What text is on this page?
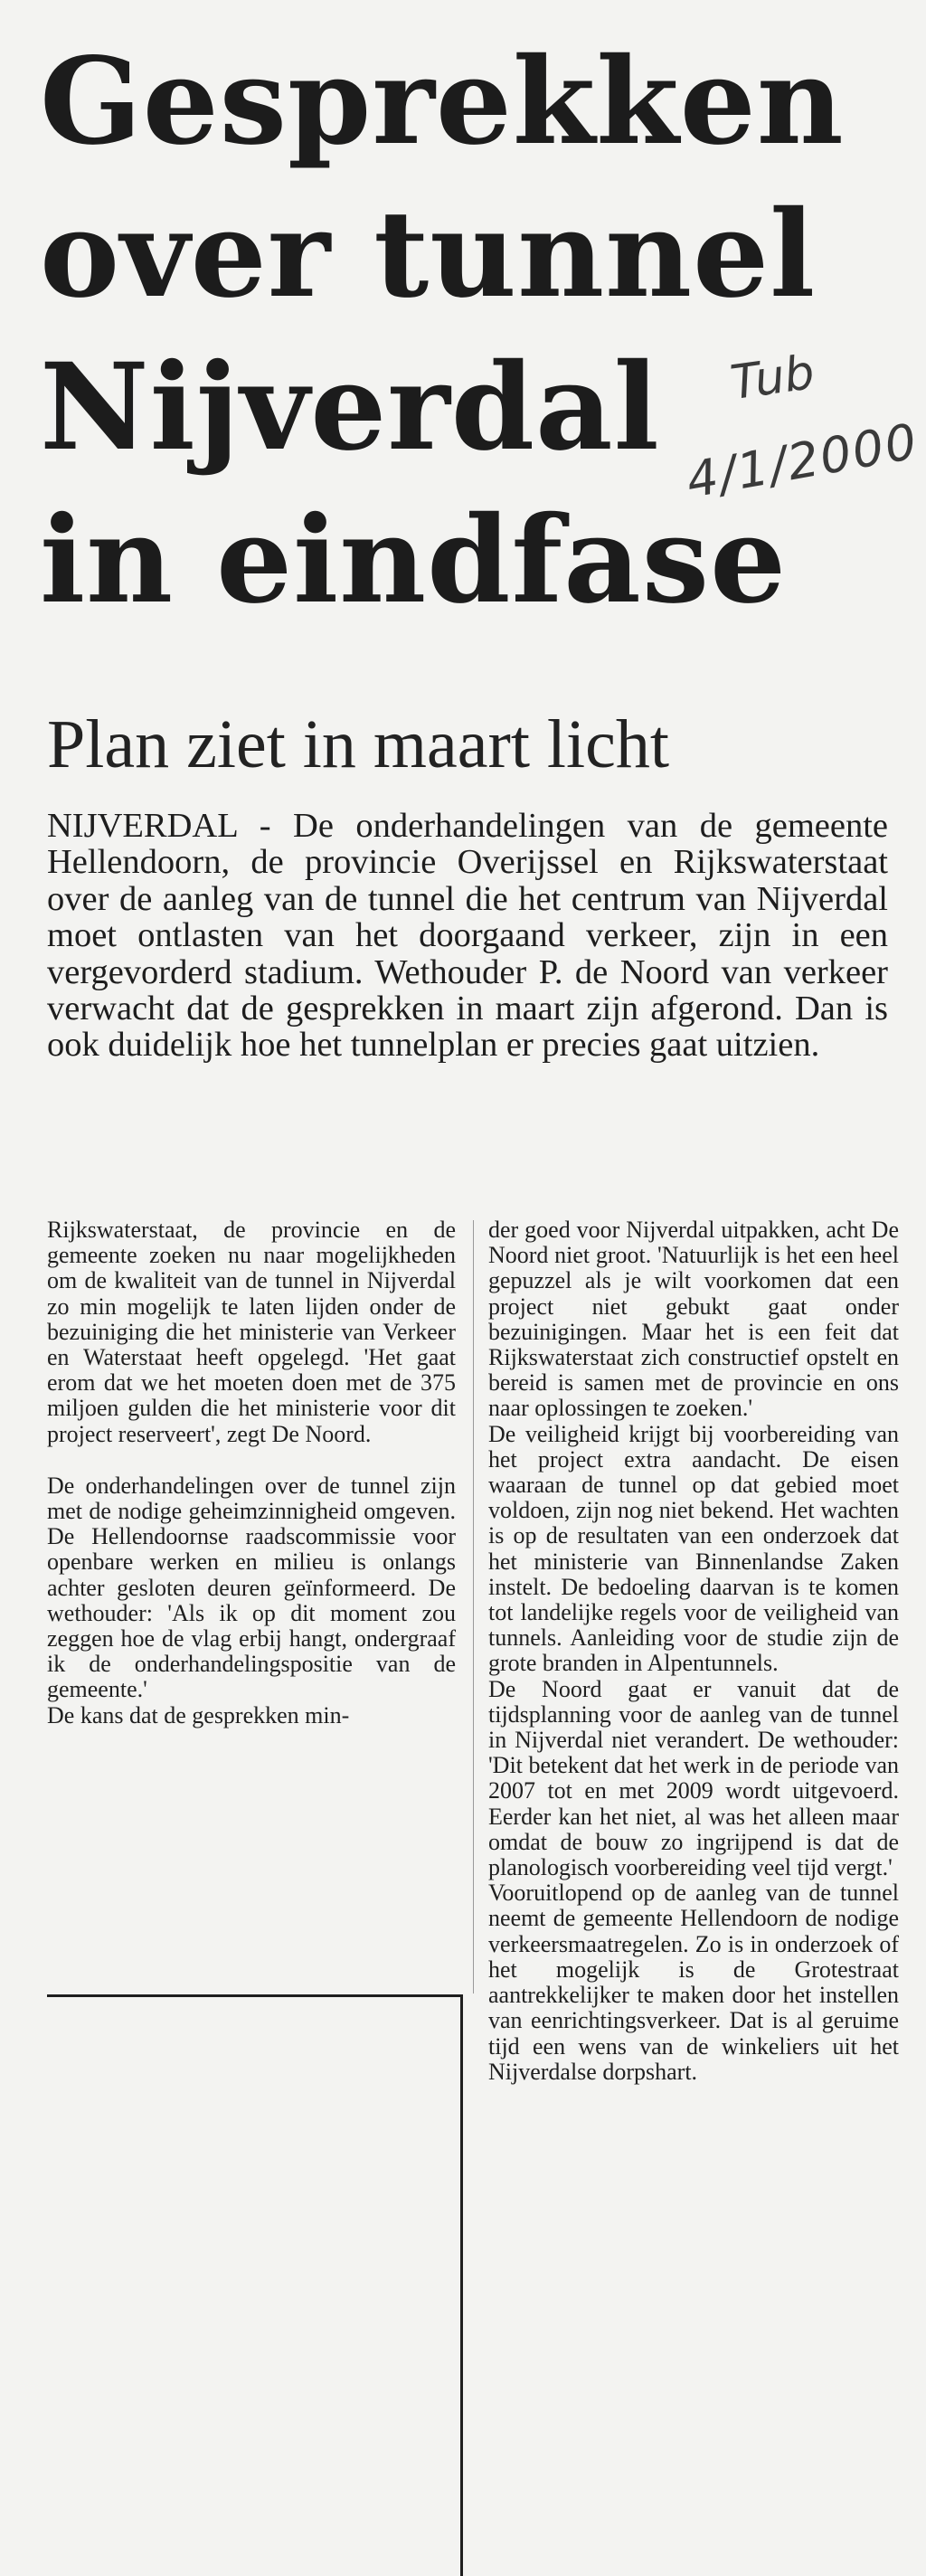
Gesprekken
over tunnel
Nijverdal
in eindfase
Tub
4/1/2000
Plan ziet in maart licht

NIJVERDAL - De onderhandelingen van de gemeente Hellendoorn, de provincie Overijssel en Rijkswaterstaat over de aanleg van de tunnel die het centrum van Nijverdal moet ontlasten van het doorgaand verkeer, zijn in een vergevorderd stadium. Wethouder P. de Noord van verkeer verwacht dat de gesprekken in maart zijn afgerond. Dan is ook duidelijk hoe het tunnelplan er precies gaat uitzien.

Rijkswaterstaat, de provincie en de gemeente zoeken nu naar mogelijkheden om de kwaliteit van de tunnel in Nijverdal zo min mogelijk te laten lijden onder de bezuiniging die het ministerie van Verkeer en Waterstaat heeft opgelegd. 'Het gaat erom dat we het moeten doen met de 375 miljoen gulden die het ministerie voor dit project reserveert', zegt De Noord.

De onderhandelingen over de tunnel zijn met de nodige geheimzinnigheid omgeven. De Hellendoornse raadscommissie voor openbare werken en milieu is onlangs achter gesloten deuren geïnformeerd. De wethouder: 'Als ik op dit moment zou zeggen hoe de vlag erbij hangt, ondergraaf ik de onderhandelingspositie van de gemeente.'

De kans dat de gesprekken min-

der goed voor Nijverdal uitpakken, acht De Noord niet groot. 'Natuurlijk is het een heel gepuzzel als je wilt voorkomen dat een project niet gebukt gaat onder bezuinigingen. Maar het is een feit dat Rijkswaterstaat zich constructief opstelt en bereid is samen met de provincie en ons naar oplossingen te zoeken.'

De veiligheid krijgt bij voorbereiding van het project extra aandacht. De eisen waaraan de tunnel op dat gebied moet voldoen, zijn nog niet bekend. Het wachten is op de resultaten van een onderzoek dat het ministerie van Binnenlandse Zaken instelt. De bedoeling daarvan is te komen tot landelijke regels voor de veiligheid van tunnels. Aanleiding voor de studie zijn de grote branden in Alpentunnels.

De Noord gaat er vanuit dat de tijdsplanning voor de aanleg van de tunnel in Nijverdal niet verandert. De wethouder: 'Dit betekent dat het werk in de periode van 2007 tot en met 2009 wordt uitgevoerd. Eerder kan het niet, al was het alleen maar omdat de bouw zo ingrijpend is dat de planologisch voorbereiding veel tijd vergt.'

Vooruitlopend op de aanleg van de tunnel neemt de gemeente Hellendoorn de nodige verkeersmaatregelen. Zo is in onderzoek of het mogelijk is de Grotestraat aantrekkelijker te maken door het instellen van eenrichtingsverkeer. Dat is al geruime tijd een wens van de winkeliers uit het Nijverdalse dorpshart.
